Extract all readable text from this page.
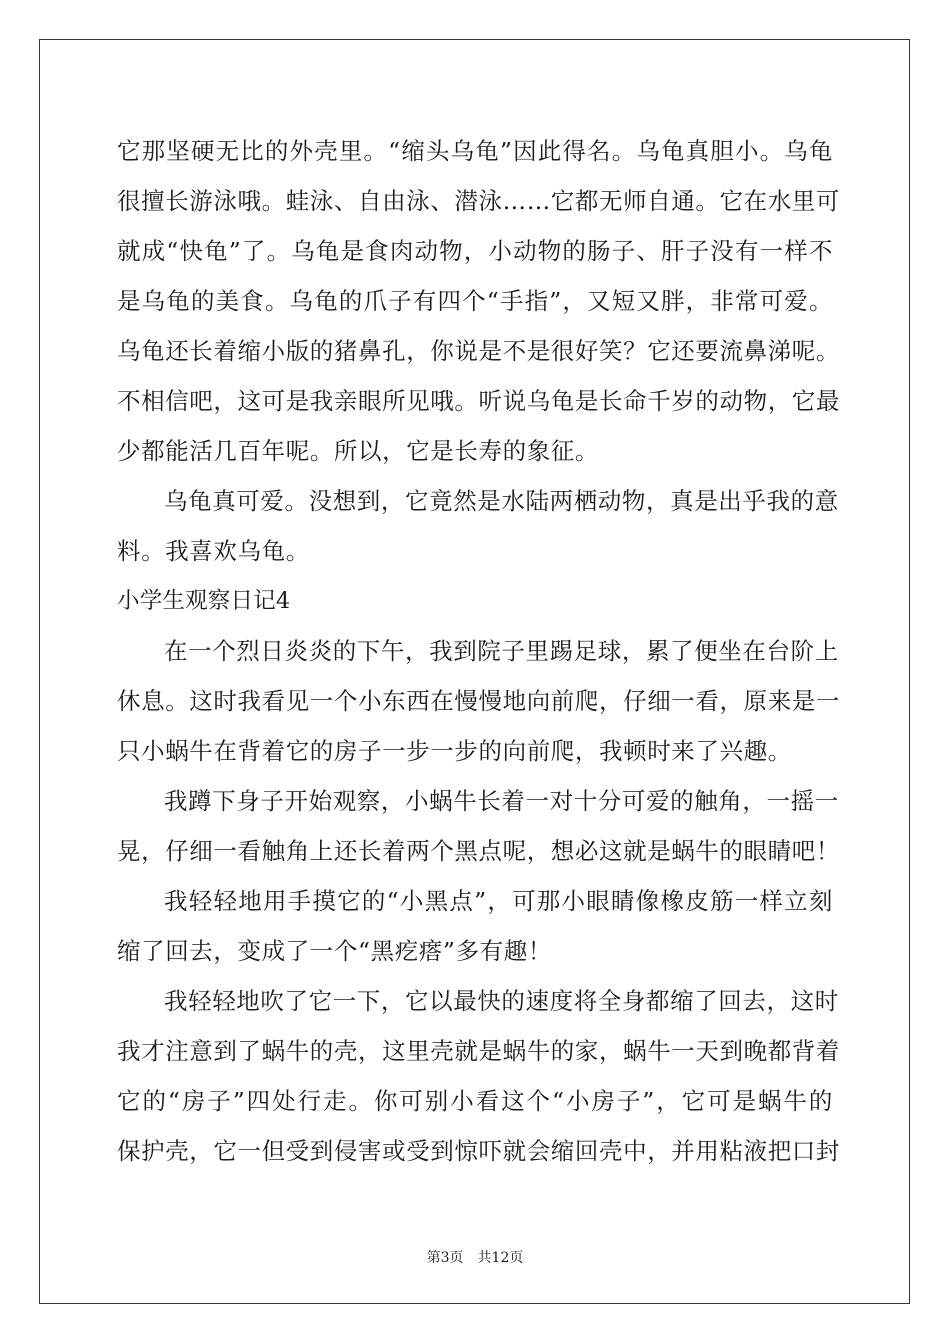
它那坚硬无比的外壳里。“缩头乌龟”因此得名。乌龟真胆小。乌龟
很擅长游泳哦。蛙泳、自由泳、潜泳……它都无师自通。它在水里可
就成“快龟”了。乌龟是食肉动物，小动物的肠子、肝子没有一样不
是乌龟的美食。乌龟的爪子有四个“手指”，又短又胖，非常可爱。
乌龟还长着缩小版的猪鼻孔，你说是不是很好笑？它还要流鼻涕呢。
不相信吧，这可是我亲眼所见哦。听说乌龟是长命千岁的动物，它最
少都能活几百年呢。所以，它是长寿的象征。
乌龟真可爱。没想到，它竟然是水陆两栖动物，真是出乎我的意
料。我喜欢乌龟。
小学生观察日记4
在一个烈日炎炎的下午，我到院子里踢足球，累了便坐在台阶上
休息。这时我看见一个小东西在慢慢地向前爬，仔细一看，原来是一
只小蜗牛在背着它的房子一步一步的向前爬，我顿时来了兴趣。
我蹲下身子开始观察，小蜗牛长着一对十分可爱的触角，一摇一
晃，仔细一看触角上还长着两个黑点呢，想必这就是蜗牛的眼睛吧！
我轻轻地用手摸它的“小黑点”，可那小眼睛像橡皮筋一样立刻
缩了回去，变成了一个“黑疙瘩”多有趣！
我轻轻地吹了它一下，它以最快的速度将全身都缩了回去，这时
我才注意到了蜗牛的壳，这里壳就是蜗牛的家，蜗牛一天到晚都背着
它的“房子”四处行走。你可别小看这个“小房子”，它可是蜗牛的
保护壳，它一但受到侵害或受到惊吓就会缩回壳中，并用粘液把口封
第3页 共12页
